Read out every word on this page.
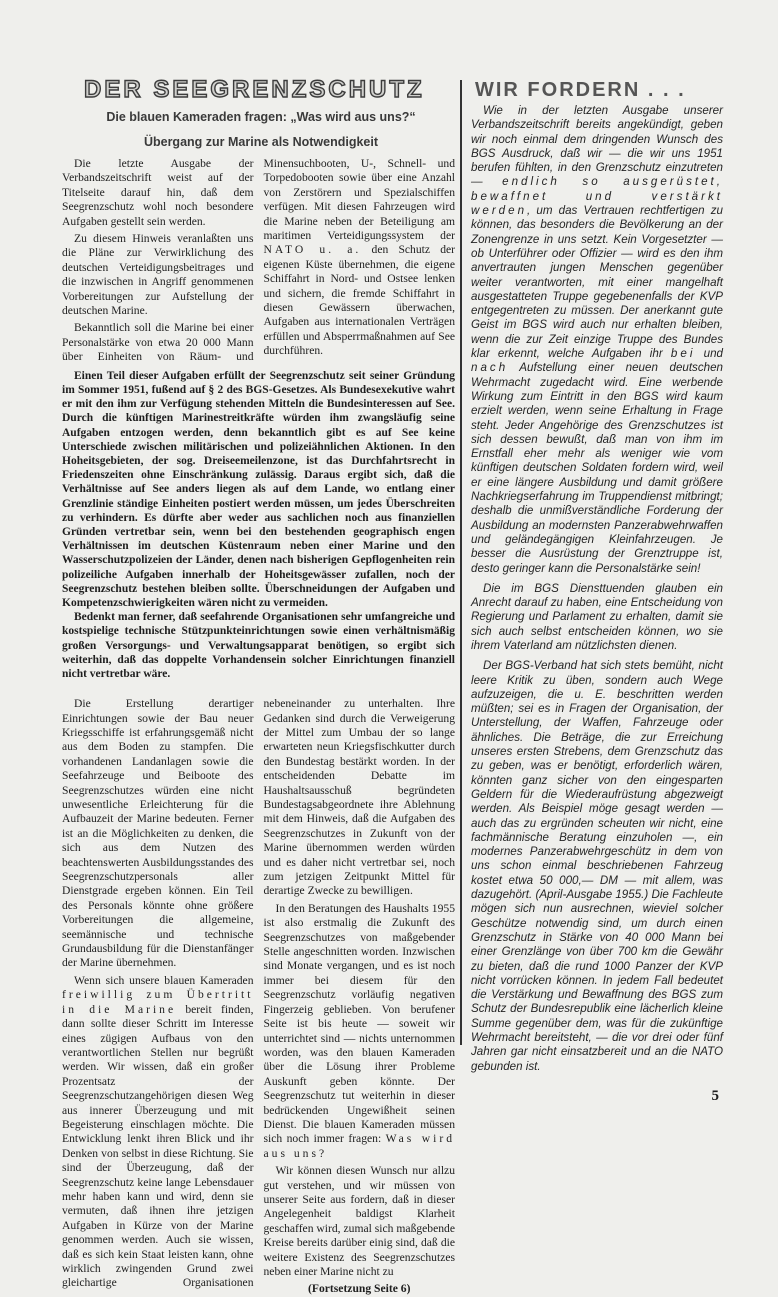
DER SEEGRENZSCHUTZ
Die blauen Kameraden fragen: „Was wird aus uns?“
Übergang zur Marine als Notwendigkeit

Die letzte Ausgabe der Verbandszeitschrift weist auf der Titelseite darauf hin, daß dem Seegrenzschutz wohl noch besondere Aufgaben gestellt sein werden.

Zu diesem Hinweis veranlaßten uns die Pläne zur Verwirklichung des deutschen Verteidigungsbeitrages und die inzwischen in Angriff genommenen Vorbereitungen zur Aufstellung der deutschen Marine.

Bekanntlich soll die Marine bei einer Personalstärke von etwa 20 000 Mann über Einheiten von Räum- und Minensuchbooten, U-, Schnell- und Torpedobooten sowie über eine Anzahl von Zerstörern und Spezialschiffen verfügen. Mit diesen Fahrzeugen wird die Marine neben der Beteiligung am maritimen Verteidigungssystem der NATO u. a. den Schutz der eigenen Küste übernehmen, die eigene Schiffahrt in Nord- und Ostsee lenken und sichern, die fremde Schiffahrt in diesen Gewässern überwachen, Aufgaben aus internationalen Verträgen erfüllen und Absperrmaßnahmen auf See durchführen.

Einen Teil dieser Aufgaben erfüllt der Seegrenzschutz seit seiner Gründung im Sommer 1951, fußend auf § 2 des BGS-Gesetzes. Als Bundesexekutive wahrt er mit den ihm zur Verfügung stehenden Mitteln die Bundesinteressen auf See. Durch die künftigen Marinestreitkräfte würden ihm zwangsläufig seine Aufgaben entzogen werden, denn bekanntlich gibt es auf See keine Unterschiede zwischen militärischen und polizeiähnlichen Aktionen. In den Hoheitsgebieten, der sog. Dreiseemeilenzone, ist das Durchfahrtsrecht in Friedenszeiten ohne Einschränkung zulässig. Daraus ergibt sich, daß die Verhältnisse auf See anders liegen als auf dem Lande, wo entlang einer Grenzlinie ständige Einheiten postiert werden müssen, um jedes Überschreiten zu verhindern. Es dürfte aber weder aus sachlichen noch aus finanziellen Gründen vertretbar sein, wenn bei den bestehenden geographisch engen Verhältnissen im deutschen Küstenraum neben einer Marine und den Wasserschutzpolizeien der Länder, denen nach bisherigen Gepflogenheiten rein polizeiliche Aufgaben innerhalb der Hoheitsgewässer zufallen, noch der Seegrenzschutz bestehen bleiben sollte. Überschneidungen der Aufgaben und Kompetenzschwierigkeiten wären nicht zu vermeiden.

Bedenkt man ferner, daß seefahrende Organisationen sehr umfangreiche und kostspielige technische Stützpunkteinrichtungen sowie einen verhältnismäßig großen Versorgungs- und Verwaltungsapparat benötigen, so ergibt sich weiterhin, daß das doppelte Vorhandensein solcher Einrichtungen finanziell nicht vertretbar wäre.

Die Erstellung derartiger Einrichtungen sowie der Bau neuer Kriegsschiffe ist erfahrungsgemäß nicht aus dem Boden zu stampfen. Die vorhandenen Landanlagen sowie die Seefahrzeuge und Beiboote des Seegrenzschutzes würden eine nicht unwesentliche Erleichterung für die Aufbauzeit der Marine bedeuten. Ferner ist an die Möglichkeiten zu denken, die sich aus dem Nutzen des beachtenswerten Ausbildungsstandes des Seegrenzschutzpersonals aller Dienstgrade ergeben können. Ein Teil des Personals könnte ohne größere Vorbereitungen die allgemeine, seemännische und technische Grundausbildung für die Dienstanfänger der Marine übernehmen.

Wenn sich unsere blauen Kameraden freiwillig zum Übertritt in die Marine bereit finden, dann sollte dieser Schritt im Interesse eines zügigen Aufbaus von den verantwortlichen Stellen nur begrüßt werden. Wir wissen, daß ein großer Prozentsatz der Seegrenzschutzangehörigen diesen Weg aus innerer Überzeugung und mit Begeisterung einschlagen möchte. Die Entwicklung lenkt ihren Blick und ihr Denken von selbst in diese Richtung. Sie sind der Überzeugung, daß der Seegrenzschutz keine lange Lebensdauer mehr haben kann und wird, denn sie vermuten, daß ihnen ihre jetzigen Aufgaben in Kürze von der Marine genommen werden. Auch sie wissen, daß es sich kein Staat leisten kann, ohne wirklich zwingenden Grund zwei gleichartige Organisationen nebeneinander zu unterhalten. Ihre Gedanken sind durch die Verweigerung der Mittel zum Umbau der so lange erwarteten neun Kriegsfischkutter durch den Bundestag bestärkt worden. In der entscheidenden Debatte im Haushaltsausschuß begründeten Bundestagsabgeordnete ihre Ablehnung mit dem Hinweis, daß die Aufgaben des Seegrenzschutzes in Zukunft von der Marine übernommen werden würden und es daher nicht vertretbar sei, noch zum jetzigen Zeitpunkt Mittel für derartige Zwecke zu bewilligen.

In den Beratungen des Haushalts 1955 ist also erstmalig die Zukunft des Seegrenzschutzes von maßgebender Stelle angeschnitten worden. Inzwischen sind Monate vergangen, und es ist noch immer bei diesem für den Seegrenzschutz vorläufig negativen Fingerzeig geblieben. Von berufener Seite ist bis heute — soweit wir unterrichtet sind — nichts unternommen worden, was den blauen Kameraden über die Lösung ihrer Probleme Auskunft geben könnte. Der Seegrenzschutz tut weiterhin in dieser bedrückenden Ungewißheit seinen Dienst. Die blauen Kameraden müssen sich noch immer fragen: Was wird aus uns?

Wir können diesen Wunsch nur allzu gut verstehen, und wir müssen von unserer Seite aus fordern, daß in dieser Angelegenheit baldigst Klarheit geschaffen wird, zumal sich maßgebende Kreise bereits darüber einig sind, daß die weitere Existenz des Seegrenzschutzes neben einer Marine nicht zu

(Fortsetzung Seite 6)

WIR FORDERN . . .

Wie in der letzten Ausgabe unserer Verbandszeitschrift bereits angekündigt, geben wir noch einmal dem dringenden Wunsch des BGS Ausdruck, daß wir — die wir uns 1951 berufen fühlten, in den Grenzschutz einzutreten — endlich so ausgerüstet, bewaffnet und verstärkt werden, um das Vertrauen rechtfertigen zu können, das besonders die Bevölkerung an der Zonengrenze in uns setzt. Kein Vorgesetzter — ob Unterführer oder Offizier — wird es den ihm anvertrauten jungen Menschen gegenüber weiter verantworten, mit einer mangelhaft ausgestatteten Truppe gegebenenfalls der KVP entgegentreten zu müssen. Der anerkannt gute Geist im BGS wird auch nur erhalten bleiben, wenn die zur Zeit einzige Truppe des Bundes klar erkennt, welche Aufgaben ihr bei und nach Aufstellung einer neuen deutschen Wehrmacht zugedacht wird. Eine werbende Wirkung zum Eintritt in den BGS wird kaum erzielt werden, wenn seine Erhaltung in Frage steht. Jeder Angehörige des Grenzschutzes ist sich dessen bewußt, daß man von ihm im Ernstfall eher mehr als weniger wie vom künftigen deutschen Soldaten fordern wird, weil er eine längere Ausbildung und damit größere Nachkriegserfahrung im Truppendienst mitbringt; deshalb die unmißverständliche Forderung der Ausbildung an modernsten Panzerabwehrwaffen und geländegängigen Kleinfahrzeugen. Je besser die Ausrüstung der Grenztruppe ist, desto geringer kann die Personalstärke sein!

Die im BGS Diensttuenden glauben ein Anrecht darauf zu haben, eine Entscheidung von Regierung und Parlament zu erhalten, damit sie sich auch selbst entscheiden können, wo sie ihrem Vaterland am nützlichsten dienen.

Der BGS-Verband hat sich stets bemüht, nicht leere Kritik zu üben, sondern auch Wege aufzuzeigen, die u. E. beschritten werden müßten; sei es in Fragen der Organisation, der Unterstellung, der Waffen, Fahrzeuge oder ähnliches. Die Beträge, die zur Erreichung unseres ersten Strebens, dem Grenzschutz das zu geben, was er benötigt, erforderlich wären, könnten ganz sicher von den eingesparten Geldern für die Wiederaufrüstung abgezweigt werden. Als Beispiel möge gesagt werden — auch das zu ergründen scheuten wir nicht, eine fachmännische Beratung einzuholen —, ein modernes Panzerabwehrgeschütz in dem von uns schon einmal beschriebenen Fahrzeug kostet etwa 50 000,— DM — mit allem, was dazugehört. (April-Ausgabe 1955.) Die Fachleute mögen sich nun ausrechnen, wieviel solcher Geschütze notwendig sind, um durch einen Grenzschutz in Stärke von 40 000 Mann bei einer Grenzlänge von über 700 km die Gewähr zu bieten, daß die rund 1000 Panzer der KVP nicht vorrücken können. In jedem Fall bedeutet die Verstärkung und Bewaffnung des BGS zum Schutz der Bundesrepublik eine lächerlich kleine Summe gegenüber dem, was für die zukünftige Wehrmacht bereitsteht, — die vor drei oder fünf Jahren gar nicht einsatzbereit und an die NATO gebunden ist.

5
